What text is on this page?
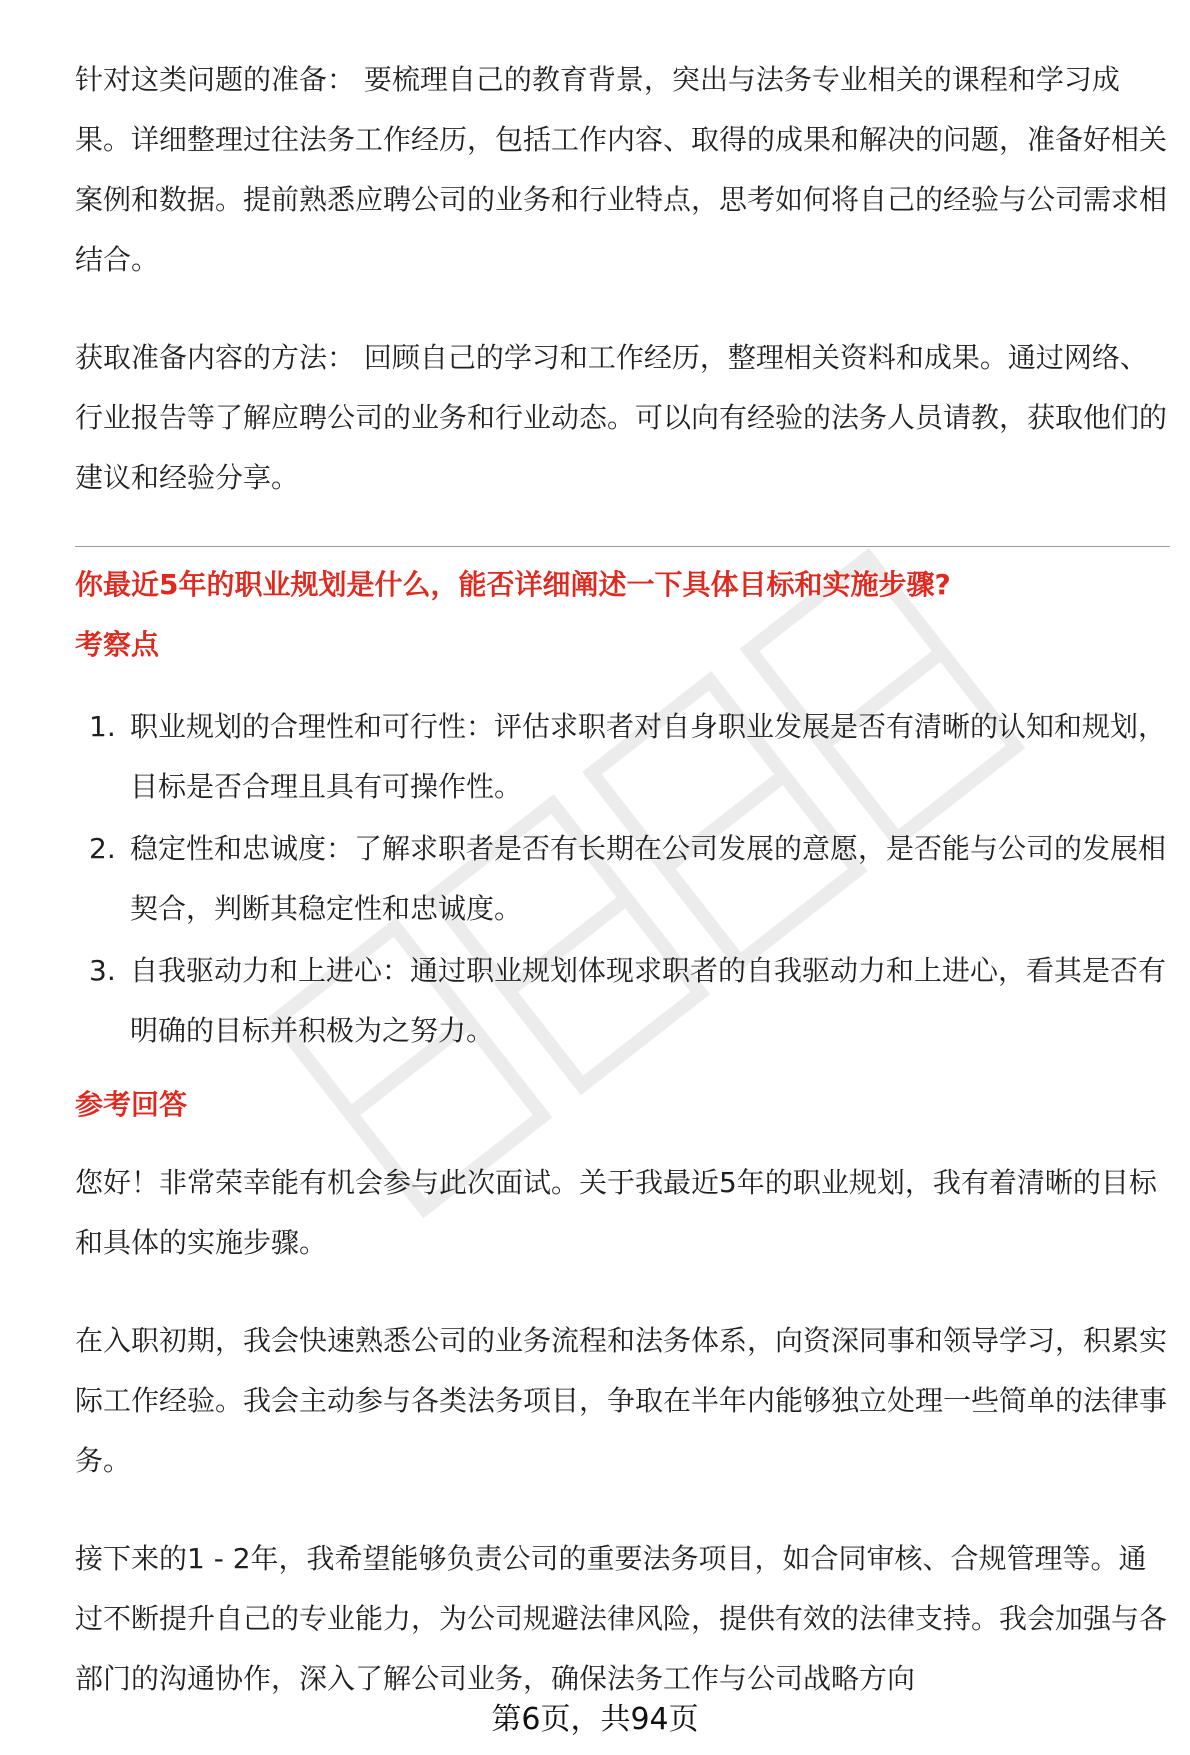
针对这类问题的准备： 要梳理自己的教育背景，突出与法务专业相关的课程和学习成果。详细整理过往法务工作经历，包括工作内容、取得的成果和解决的问题，准备好相关案例和数据。提前熟悉应聘公司的业务和行业特点，思考如何将自己的经验与公司需求相结合。

获取准备内容的方法： 回顾自己的学习和工作经历，整理相关资料和成果。通过网络、行业报告等了解应聘公司的业务和行业动态。可以向有经验的法务人员请教，获取他们的建议和经验分享。

你最近5年的职业规划是什么，能否详细阐述一下具体目标和实施步骤?

考察点

1. 职业规划的合理性和可行性：评估求职者对自身职业发展是否有清晰的认知和规划，目标是否合理且具有可操作性。
2. 稳定性和忠诚度：了解求职者是否有长期在公司发展的意愿，是否能与公司的发展相契合，判断其稳定性和忠诚度。
3. 自我驱动力和上进心：通过职业规划体现求职者的自我驱动力和上进心，看其是否有明确的目标并积极为之努力。

参考回答

您好！非常荣幸能有机会参与此次面试。关于我最近5年的职业规划，我有着清晰的目标和具体的实施步骤。

在入职初期，我会快速熟悉公司的业务流程和法务体系，向资深同事和领导学习，积累实际工作经验。我会主动参与各类法务项目，争取在半年内能够独立处理一些简单的法律事务。

接下来的1 - 2年，我希望能够负责公司的重要法务项目，如合同审核、合规管理等。通过不断提升自己的专业能力，为公司规避法律风险，提供有效的法律支持。我会加强与各部门的沟通协作，深入了解公司业务，确保法务工作与公司战略方向

第6页，共94页
